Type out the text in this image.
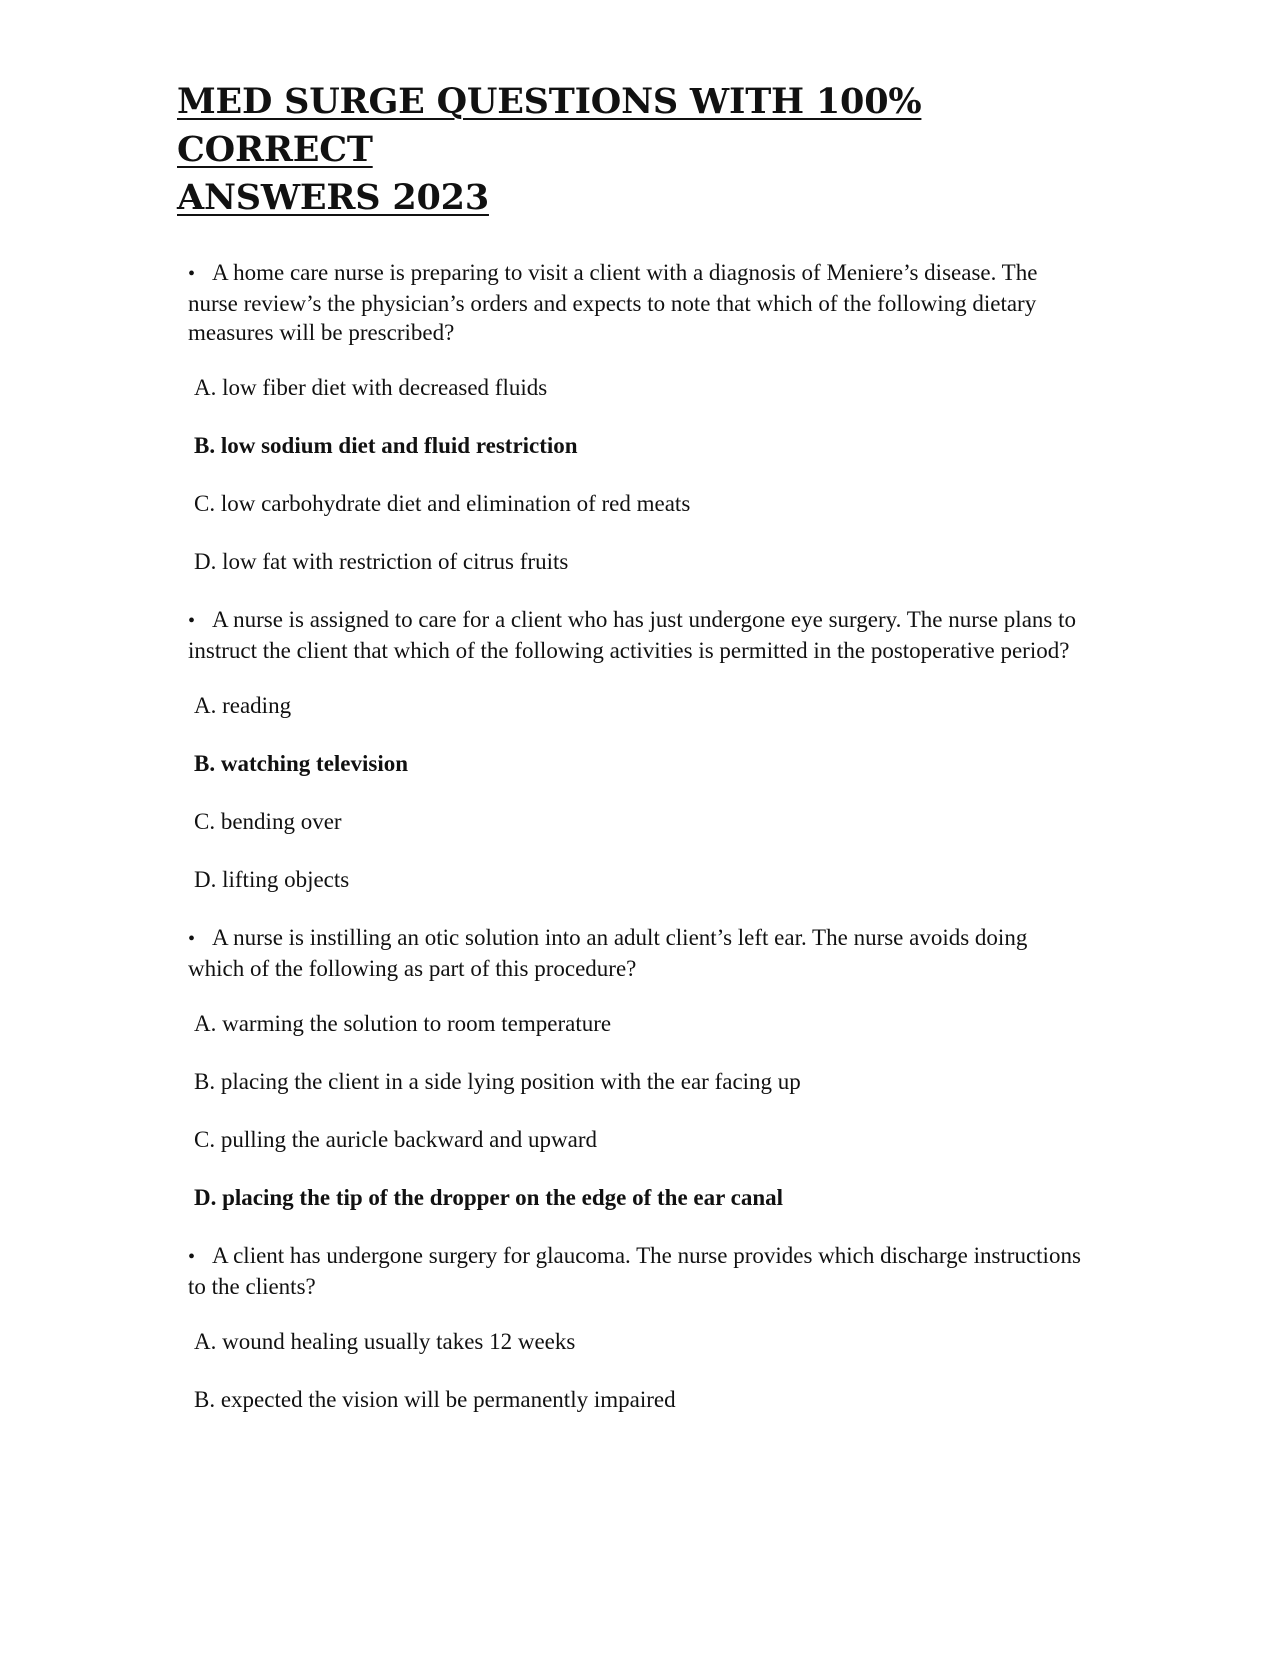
MED SURGE QUESTIONS WITH 100% CORRECT
ANSWERS 2023

• A home care nurse is preparing to visit a client with a diagnosis of Meniere’s disease. The nurse review’s the physician’s orders and expects to note that which of the following dietary measures will be prescribed?

A. low fiber diet with decreased fluids

B. low sodium diet and fluid restriction

C. low carbohydrate diet and elimination of red meats

D. low fat with restriction of citrus fruits

• A nurse is assigned to care for a client who has just undergone eye surgery. The nurse plans to instruct the client that which of the following activities is permitted in the postoperative period?

A. reading

B. watching television

C. bending over

D. lifting objects

• A nurse is instilling an otic solution into an adult client’s left ear. The nurse avoids doing which of the following as part of this procedure?

A. warming the solution to room temperature

B. placing the client in a side lying position with the ear facing up

C. pulling the auricle backward and upward

D. placing the tip of the dropper on the edge of the ear canal

• A client has undergone surgery for glaucoma. The nurse provides which discharge instructions to the clients?

A. wound healing usually takes 12 weeks

B. expected the vision will be permanently impaired
